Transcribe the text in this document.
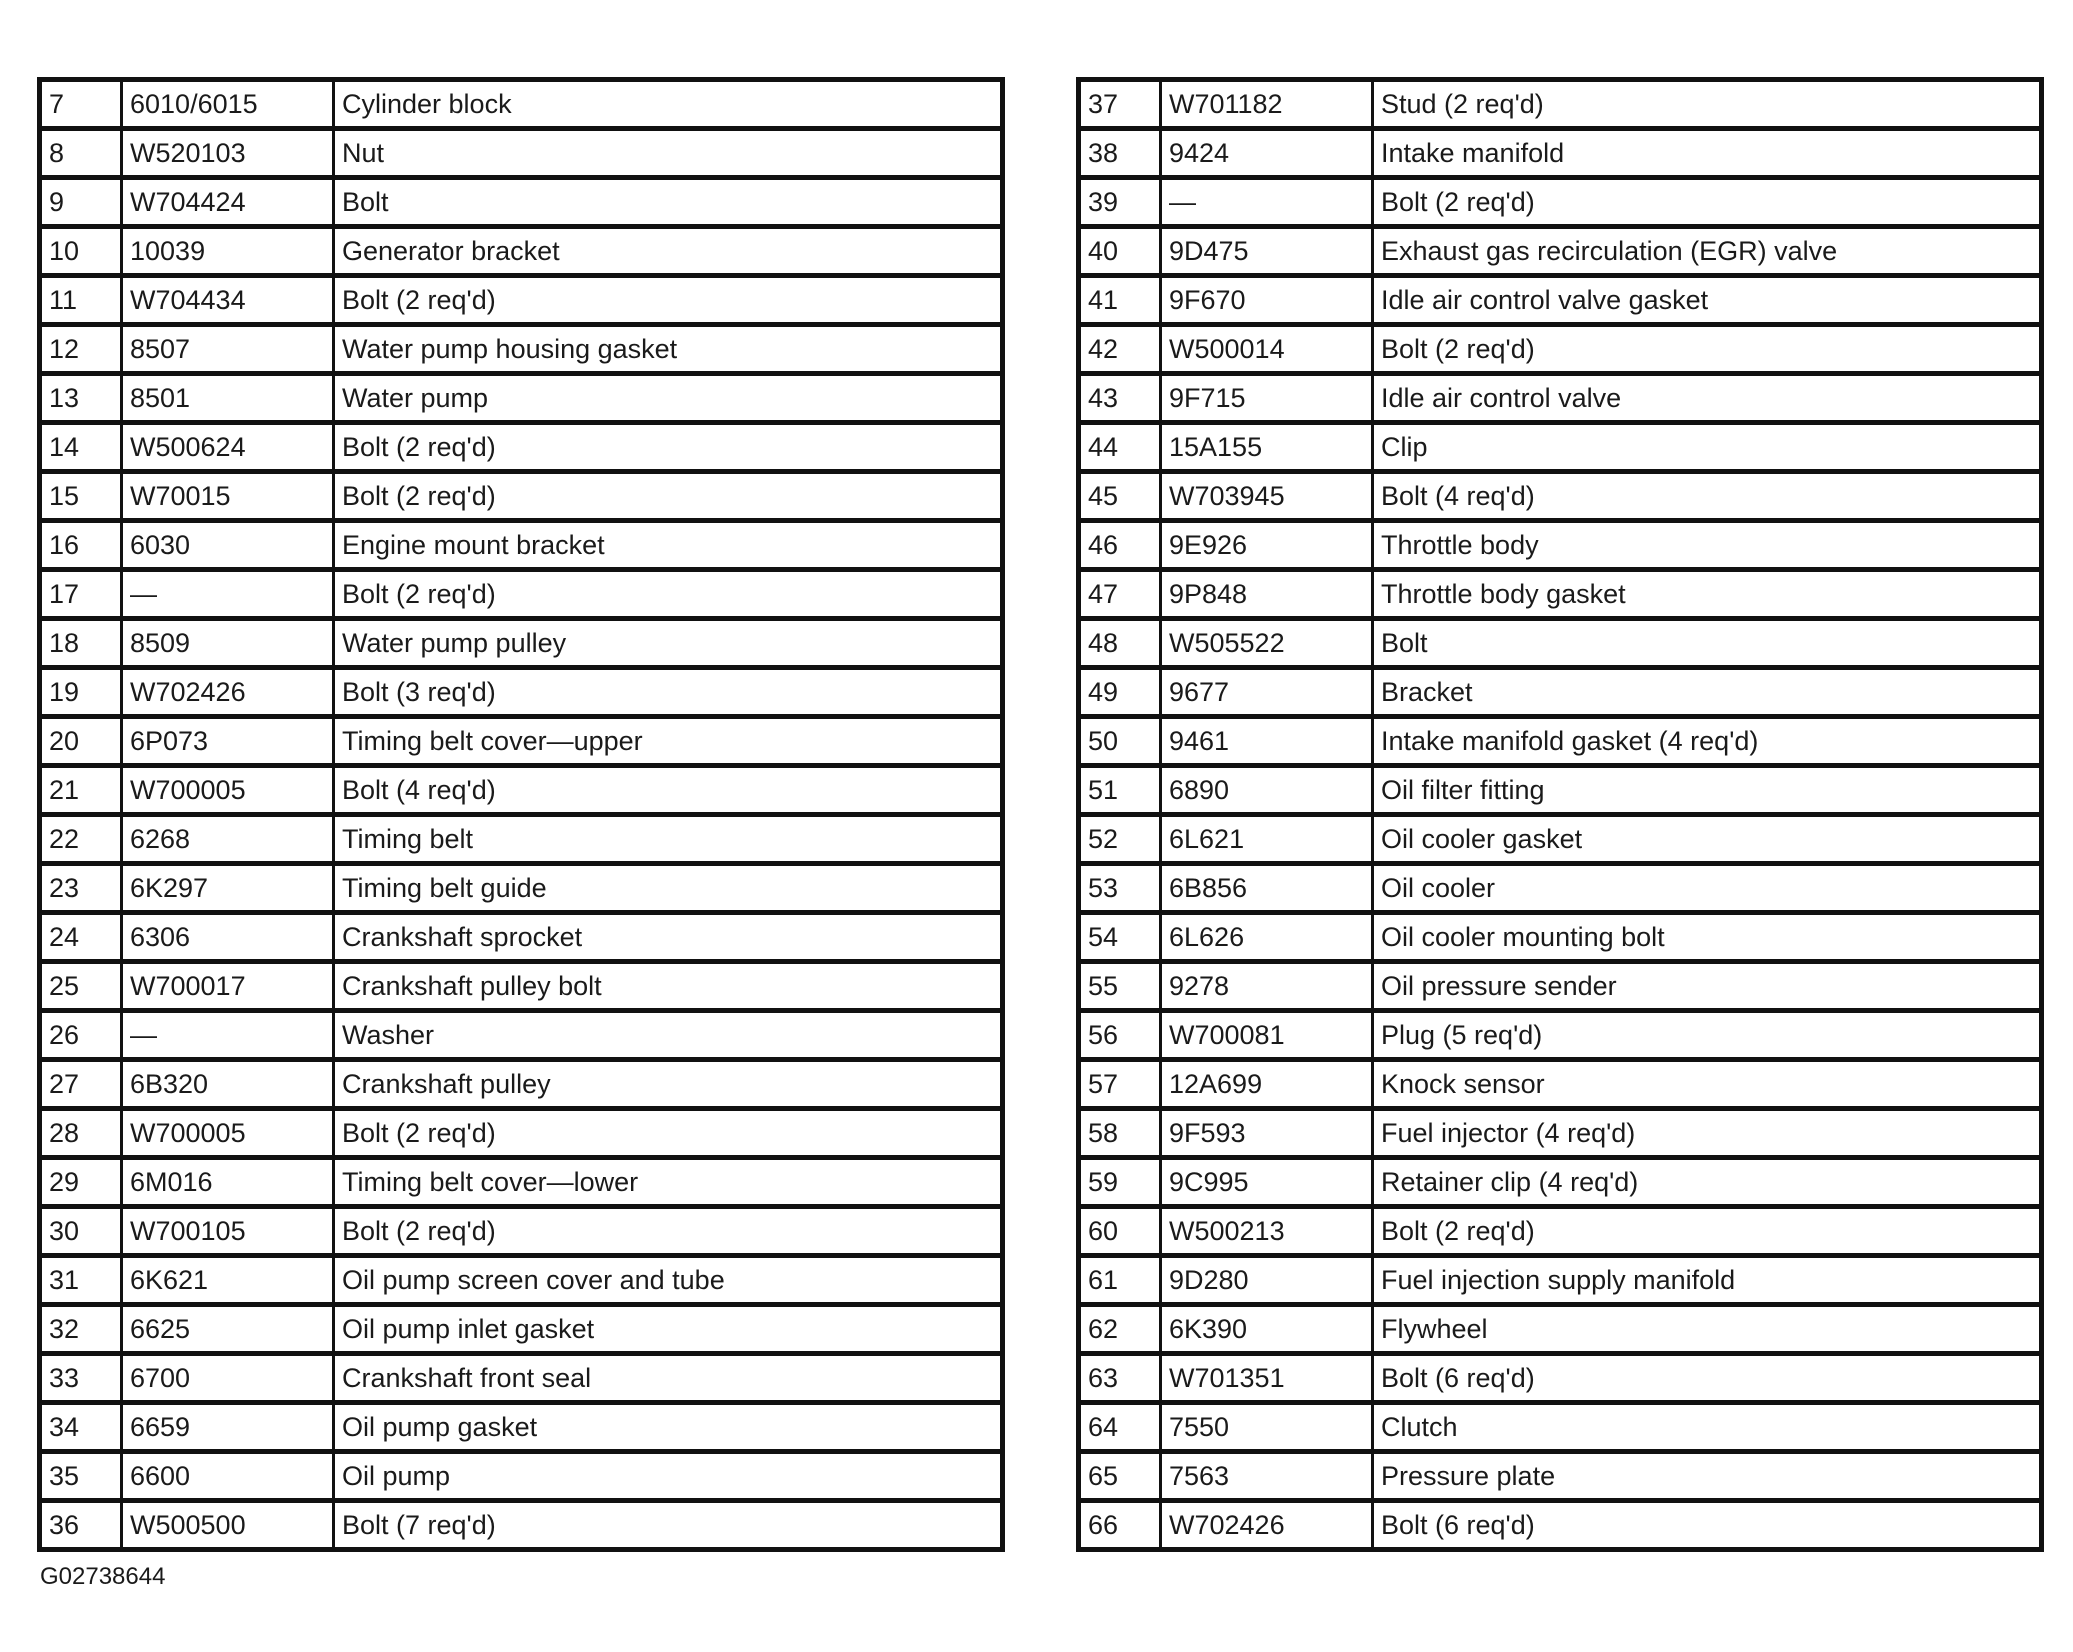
7	6010/6015	Cylinder block
8	W520103	Nut
9	W704424	Bolt
10	10039	Generator bracket
11	W704434	Bolt (2 req'd)
12	8507	Water pump housing gasket
13	8501	Water pump
14	W500624	Bolt (2 req'd)
15	W70015	Bolt (2 req'd)
16	6030	Engine mount bracket
17	—	Bolt (2 req'd)
18	8509	Water pump pulley
19	W702426	Bolt (3 req'd)
20	6P073	Timing belt cover—upper
21	W700005	Bolt (4 req'd)
22	6268	Timing belt
23	6K297	Timing belt guide
24	6306	Crankshaft sprocket
25	W700017	Crankshaft pulley bolt
26	—	Washer
27	6B320	Crankshaft pulley
28	W700005	Bolt (2 req'd)
29	6M016	Timing belt cover—lower
30	W700105	Bolt (2 req'd)
31	6K621	Oil pump screen cover and tube
32	6625	Oil pump inlet gasket
33	6700	Crankshaft front seal
34	6659	Oil pump gasket
35	6600	Oil pump
36	W500500	Bolt (7 req'd)
37	W701182	Stud (2 req'd)
38	9424	Intake manifold
39	—	Bolt (2 req'd)
40	9D475	Exhaust gas recirculation (EGR) valve
41	9F670	Idle air control valve gasket
42	W500014	Bolt (2 req'd)
43	9F715	Idle air control valve
44	15A155	Clip
45	W703945	Bolt (4 req'd)
46	9E926	Throttle body
47	9P848	Throttle body gasket
48	W505522	Bolt
49	9677	Bracket
50	9461	Intake manifold gasket (4 req'd)
51	6890	Oil filter fitting
52	6L621	Oil cooler gasket
53	6B856	Oil cooler
54	6L626	Oil cooler mounting bolt
55	9278	Oil pressure sender
56	W700081	Plug (5 req'd)
57	12A699	Knock sensor
58	9F593	Fuel injector (4 req'd)
59	9C995	Retainer clip (4 req'd)
60	W500213	Bolt (2 req'd)
61	9D280	Fuel injection supply manifold
62	6K390	Flywheel
63	W701351	Bolt (6 req'd)
64	7550	Clutch
65	7563	Pressure plate
66	W702426	Bolt (6 req'd)
G02738644
